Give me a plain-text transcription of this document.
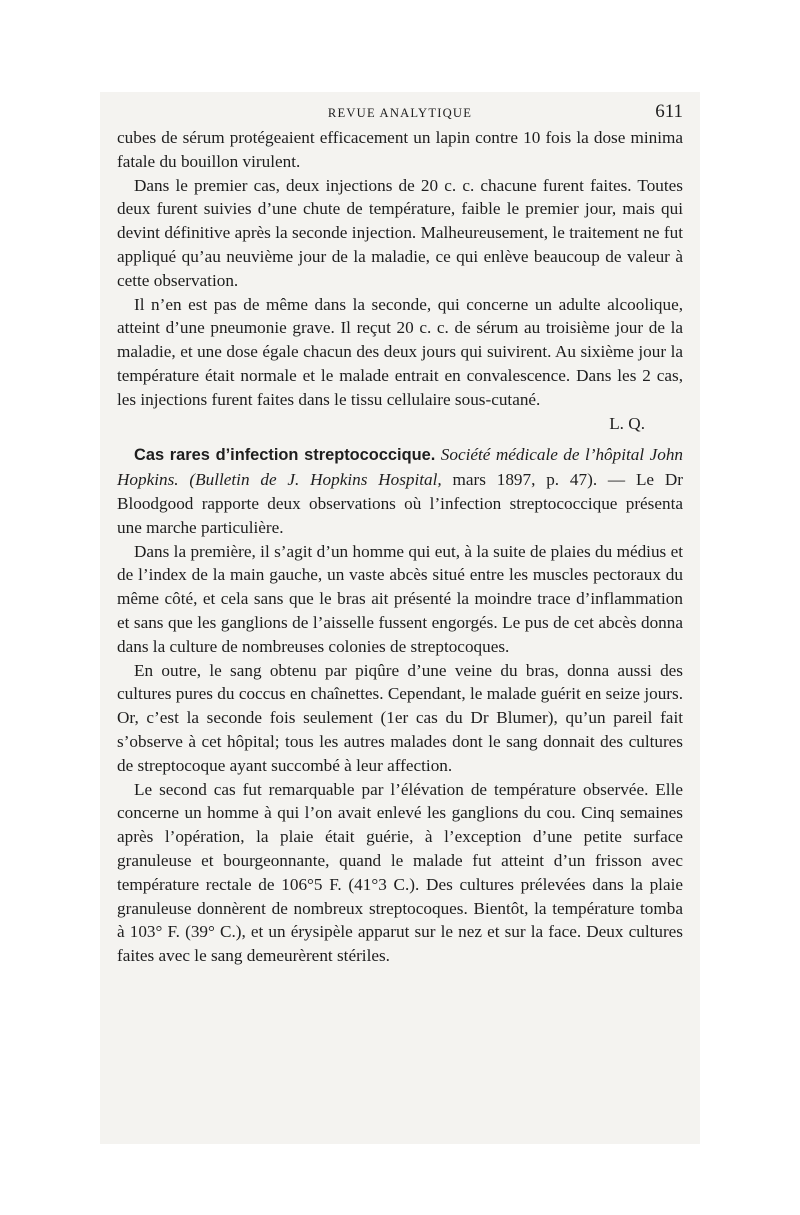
REVUE ANALYTIQUE	611

cubes de sérum protégeaient efficacement un lapin contre 10 fois la dose minima fatale du bouillon virulent.

Dans le premier cas, deux injections de 20 c. c. chacune furent faites. Toutes deux furent suivies d’une chute de température, faible le premier jour, mais qui devint définitive après la seconde injection. Malheureusement, le traitement ne fut appliqué qu’au neuvième jour de la maladie, ce qui enlève beaucoup de valeur à cette observation.

Il n’en est pas de même dans la seconde, qui concerne un adulte alcoolique, atteint d’une pneumonie grave. Il reçut 20 c. c. de sérum au troisième jour de la maladie, et une dose égale chacun des deux jours qui suivirent. Au sixième jour la température était normale et le malade entrait en convalescence. Dans les 2 cas, les injections furent faites dans le tissu cellulaire sous-cutané.

L. Q.

Cas rares d’infection streptococcique. Société médicale de l’hôpital John Hopkins. (Bulletin de J. Hopkins Hospital, mars 1897, p. 47). — Le Dr Bloodgood rapporte deux observations où l’infection streptococcique présenta une marche particulière.

Dans la première, il s’agit d’un homme qui eut, à la suite de plaies du médius et de l’index de la main gauche, un vaste abcès situé entre les muscles pectoraux du même côté, et cela sans que le bras ait présenté la moindre trace d’inflammation et sans que les ganglions de l’aisselle fussent engorgés. Le pus de cet abcès donna dans la culture de nombreuses colonies de streptocoques.

En outre, le sang obtenu par piqûre d’une veine du bras, donna aussi des cultures pures du coccus en chaînettes. Cependant, le malade guérit en seize jours. Or, c’est la seconde fois seulement (1er cas du Dr Blumer), qu’un pareil fait s’observe à cet hôpital; tous les autres malades dont le sang donnait des cultures de streptocoque ayant succombé à leur affection.

Le second cas fut remarquable par l’élévation de température observée. Elle concerne un homme à qui l’on avait enlevé les ganglions du cou. Cinq semaines après l’opération, la plaie était guérie, à l’exception d’une petite surface granuleuse et bourgeonnante, quand le malade fut atteint d’un frisson avec température rectale de 106°5 F. (41°3 C.). Des cultures prélevées dans la plaie granuleuse donnèrent de nombreux streptocoques. Bientôt, la température tomba à 103° F. (39° C.), et un érysipèle apparut sur le nez et sur la face. Deux cultures faites avec le sang demeurèrent stériles.
